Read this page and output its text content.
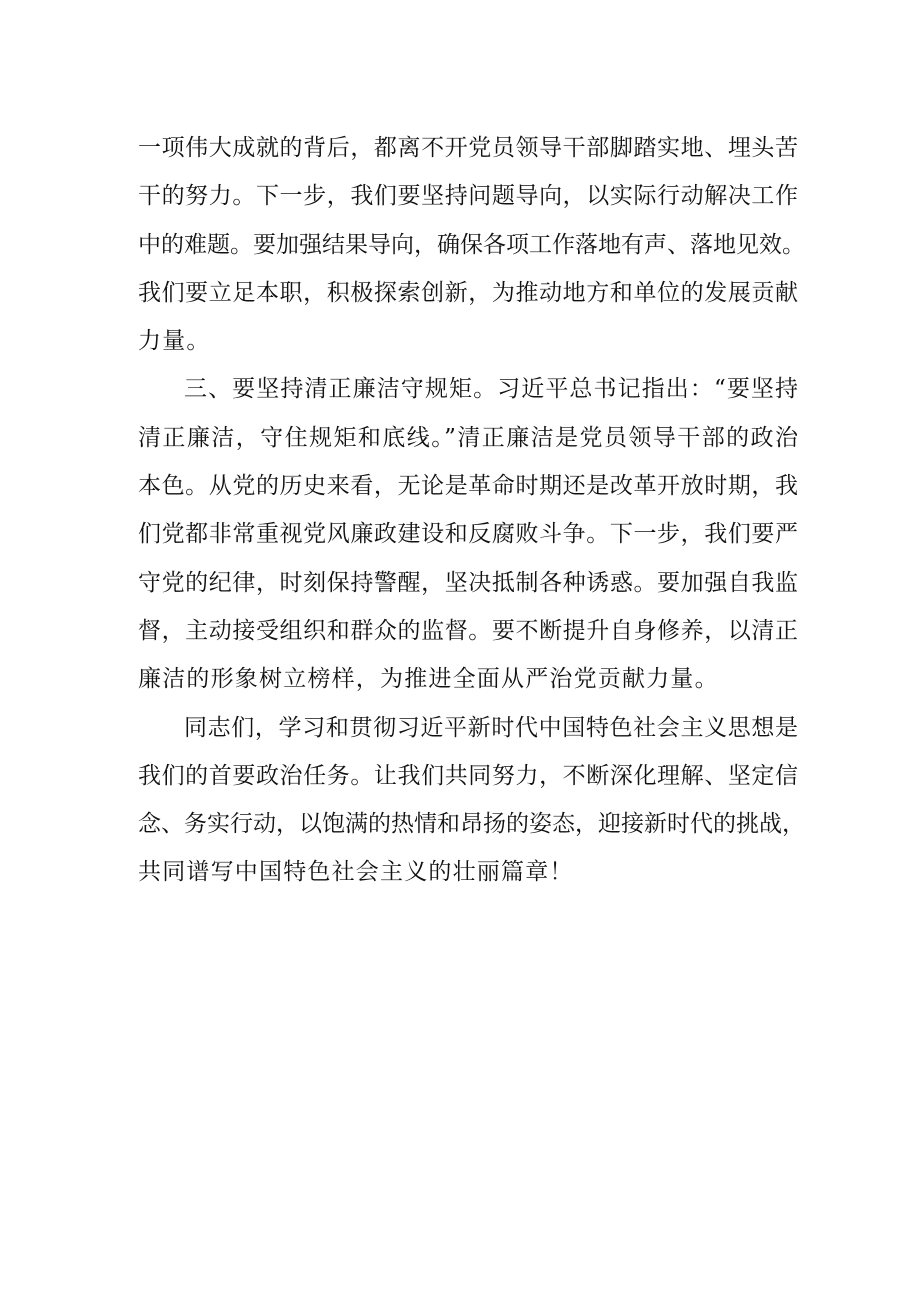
一项伟大成就的背后，都离不开党员领导干部脚踏实地、埋头苦
干的努力。下一步，我们要坚持问题导向，以实际行动解决工作
中的难题。要加强结果导向，确保各项工作落地有声、落地见效。
我们要立足本职，积极探索创新，为推动地方和单位的发展贡献
力量。
三、要坚持清正廉洁守规矩。习近平总书记指出：“要坚持
清正廉洁，守住规矩和底线。”清正廉洁是党员领导干部的政治
本色。从党的历史来看，无论是革命时期还是改革开放时期，我
们党都非常重视党风廉政建设和反腐败斗争。下一步，我们要严
守党的纪律，时刻保持警醒，坚决抵制各种诱惑。要加强自我监
督，主动接受组织和群众的监督。要不断提升自身修养，以清正
廉洁的形象树立榜样，为推进全面从严治党贡献力量。
同志们，学习和贯彻习近平新时代中国特色社会主义思想是
我们的首要政治任务。让我们共同努力，不断深化理解、坚定信
念、务实行动，以饱满的热情和昂扬的姿态，迎接新时代的挑战，
共同谱写中国特色社会主义的壮丽篇章！
